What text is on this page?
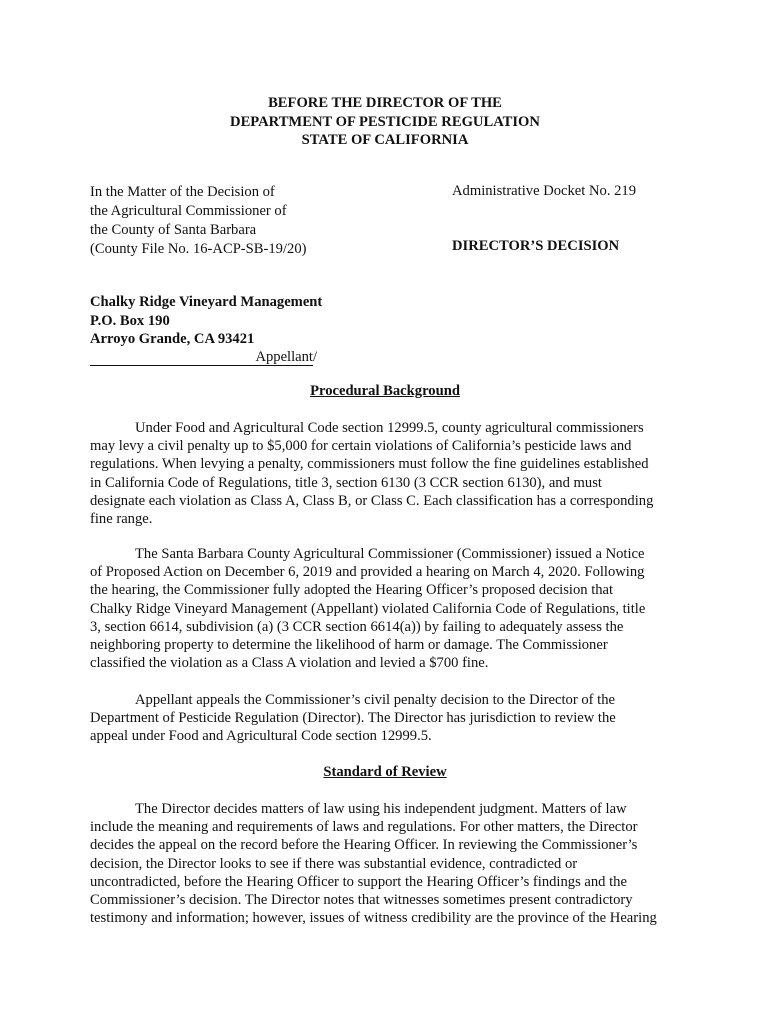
BEFORE THE DIRECTOR OF THE
DEPARTMENT OF PESTICIDE REGULATION
STATE OF CALIFORNIA
In the Matter of the Decision of
the Agricultural Commissioner of
the County of Santa Barbara
(County File No. 16-ACP-SB-19/20)
Administrative Docket No. 219
DIRECTOR’S DECISION
Chalky Ridge Vineyard Management
P.O. Box 190
Arroyo Grande, CA 93421
Appellant/
Procedural Background
Under Food and Agricultural Code section 12999.5, county agricultural commissioners
may levy a civil penalty up to $5,000 for certain violations of California’s pesticide laws and
regulations. When levying a penalty, commissioners must follow the fine guidelines established
in California Code of Regulations, title 3, section 6130 (3 CCR section 6130), and must
designate each violation as Class A, Class B, or Class C. Each classification has a corresponding
fine range.
The Santa Barbara County Agricultural Commissioner (Commissioner) issued a Notice
of Proposed Action on December 6, 2019 and provided a hearing on March 4, 2020. Following
the hearing, the Commissioner fully adopted the Hearing Officer’s proposed decision that
Chalky Ridge Vineyard Management (Appellant) violated California Code of Regulations, title
3, section 6614, subdivision (a) (3 CCR section 6614(a)) by failing to adequately assess the
neighboring property to determine the likelihood of harm or damage. The Commissioner
classified the violation as a Class A violation and levied a $700 fine.
Appellant appeals the Commissioner’s civil penalty decision to the Director of the
Department of Pesticide Regulation (Director). The Director has jurisdiction to review the
appeal under Food and Agricultural Code section 12999.5.
Standard of Review
The Director decides matters of law using his independent judgment. Matters of law
include the meaning and requirements of laws and regulations. For other matters, the Director
decides the appeal on the record before the Hearing Officer. In reviewing the Commissioner’s
decision, the Director looks to see if there was substantial evidence, contradicted or
uncontradicted, before the Hearing Officer to support the Hearing Officer’s findings and the
Commissioner’s decision. The Director notes that witnesses sometimes present contradictory
testimony and information; however, issues of witness credibility are the province of the Hearing
